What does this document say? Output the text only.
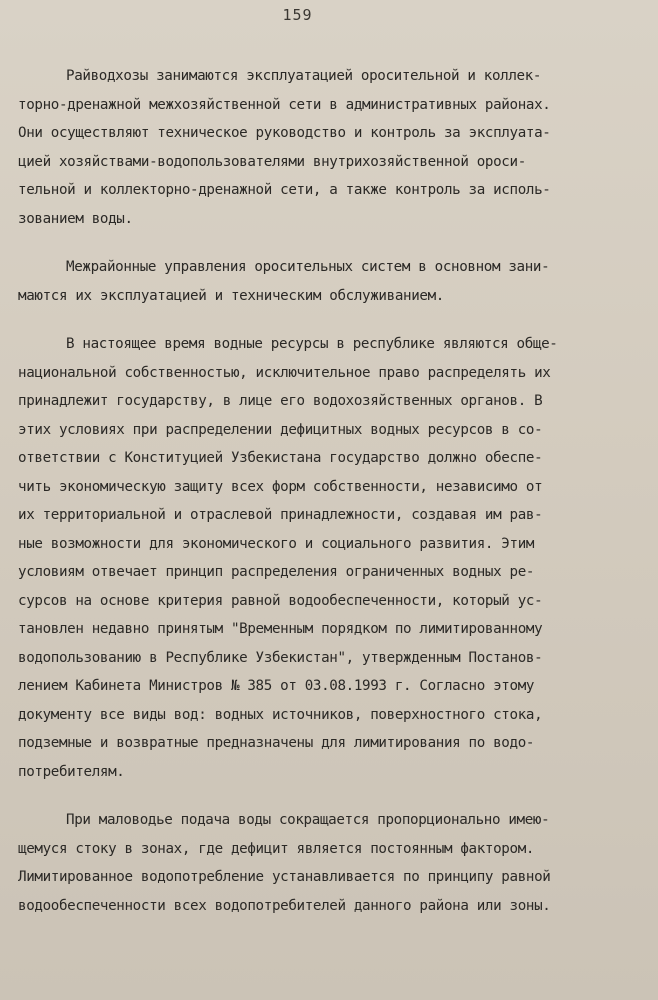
159
Райводхозы занимаются эксплуатацией оросительной и коллек-
торно-дренажной межхозяйственной сети в административных районах.
Они осуществляют техническое руководство и контроль за эксплуата-
цией хозяйствами-водопользователями внутрихозяйственной ороси-
тельной и коллекторно-дренажной сети, а также контроль за исполь-
зованием воды.
Межрайонные управления оросительных систем в основном зани-
маются их эксплуатацией и техническим обслуживанием.
В настоящее время водные ресурсы в республике являются обще-
национальной собственностью, исключительное право распределять их
принадлежит государству, в лице его водохозяйственных органов. В
этих условиях при распределении дефицитных водных ресурсов в со-
ответствии с Конституцией Узбекистана государство должно обеспе-
чить экономическую защиту всех форм собственности, независимо от
их территориальной и отраслевой принадлежности, создавая им рав-
ные возможности для экономического и социального развития. Этим
условиям отвечает принцип распределения ограниченных водных ре-
сурсов на основе критерия равной водообеспеченности, который ус-
тановлен недавно принятым "Временным порядком по лимитированному
водопользованию в Республике Узбекистан", утвержденным Постанов-
лением Кабинета Министров № 385 от 03.08.1993 г. Согласно этому
документу все виды вод: водных источников, поверхностного стока,
подземные и возвратные предназначены для лимитирования по водо-
потребителям.
При маловодье подача воды сокращается пропорционально имею-
щемуся стоку в зонах, где дефицит является постоянным фактором.
Лимитированное водопотребление устанавливается по принципу равной
водообеспеченности всех водопотребителей данного района или зоны.
